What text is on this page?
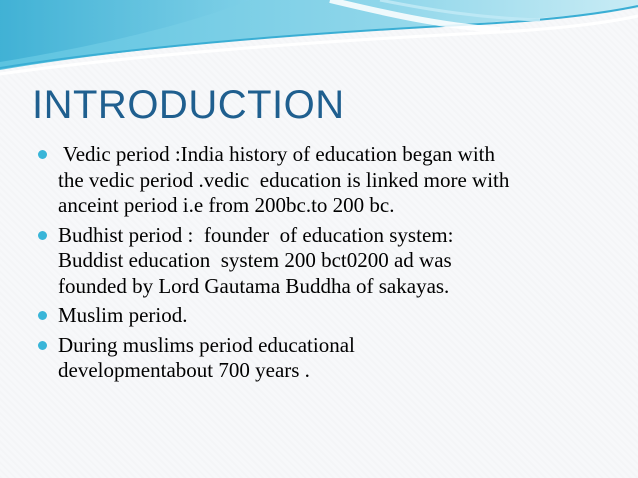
INTRODUCTION
Vedic period :India history of education began with
the vedic period .vedic  education is linked more with
anceint period i.e from 200bc.to 200 bc.
Budhist period :  founder  of education system:
Buddist education  system 200 bct0200 ad was
founded by Lord Gautama Buddha of sakayas.
Muslim period.
During muslims period educational
developmentabout 700 years .
